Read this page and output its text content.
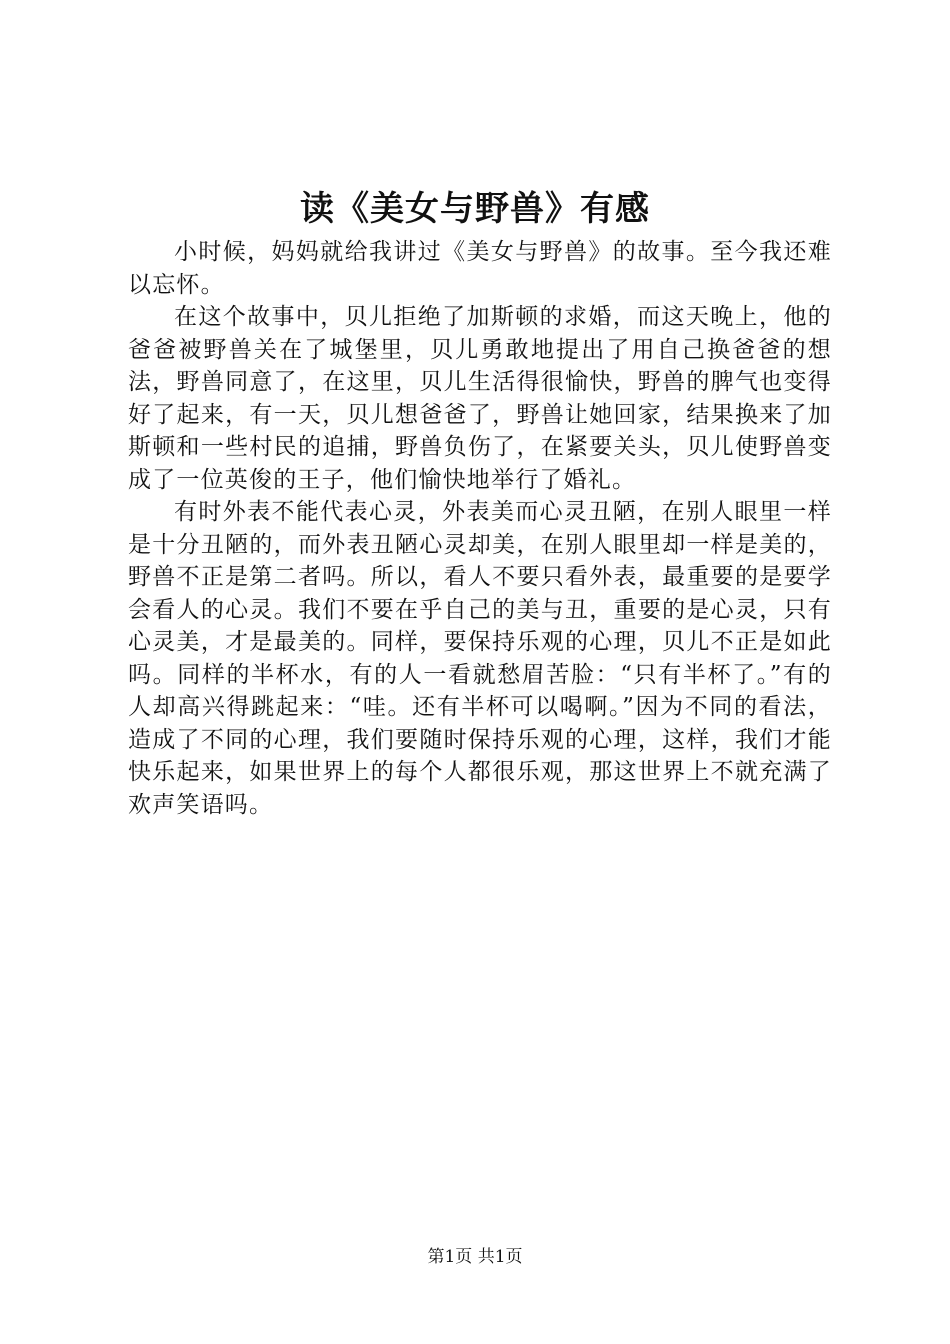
读《美女与野兽》有感

小时候，妈妈就给我讲过《美女与野兽》的故事。至今我还难以忘怀。

在这个故事中，贝儿拒绝了加斯顿的求婚，而这天晚上，他的爸爸被野兽关在了城堡里，贝儿勇敢地提出了用自己换爸爸的想法，野兽同意了，在这里，贝儿生活得很愉快，野兽的脾气也变得好了起来，有一天，贝儿想爸爸了，野兽让她回家，结果换来了加斯顿和一些村民的追捕，野兽负伤了，在紧要关头，贝儿使野兽变成了一位英俊的王子，他们愉快地举行了婚礼。

有时外表不能代表心灵，外表美而心灵丑陋，在别人眼里一样是十分丑陋的，而外表丑陋心灵却美，在别人眼里却一样是美的，野兽不正是第二者吗。所以，看人不要只看外表，最重要的是要学会看人的心灵。我们不要在乎自己的美与丑，重要的是心灵，只有心灵美，才是最美的。同样，要保持乐观的心理，贝儿不正是如此吗。同样的半杯水，有的人一看就愁眉苦脸：“只有半杯了。”有的人却高兴得跳起来：“哇。还有半杯可以喝啊。”因为不同的看法，造成了不同的心理，我们要随时保持乐观的心理，这样，我们才能快乐起来，如果世界上的每个人都很乐观，那这世界上不就充满了欢声笑语吗。

第1页 共1页
